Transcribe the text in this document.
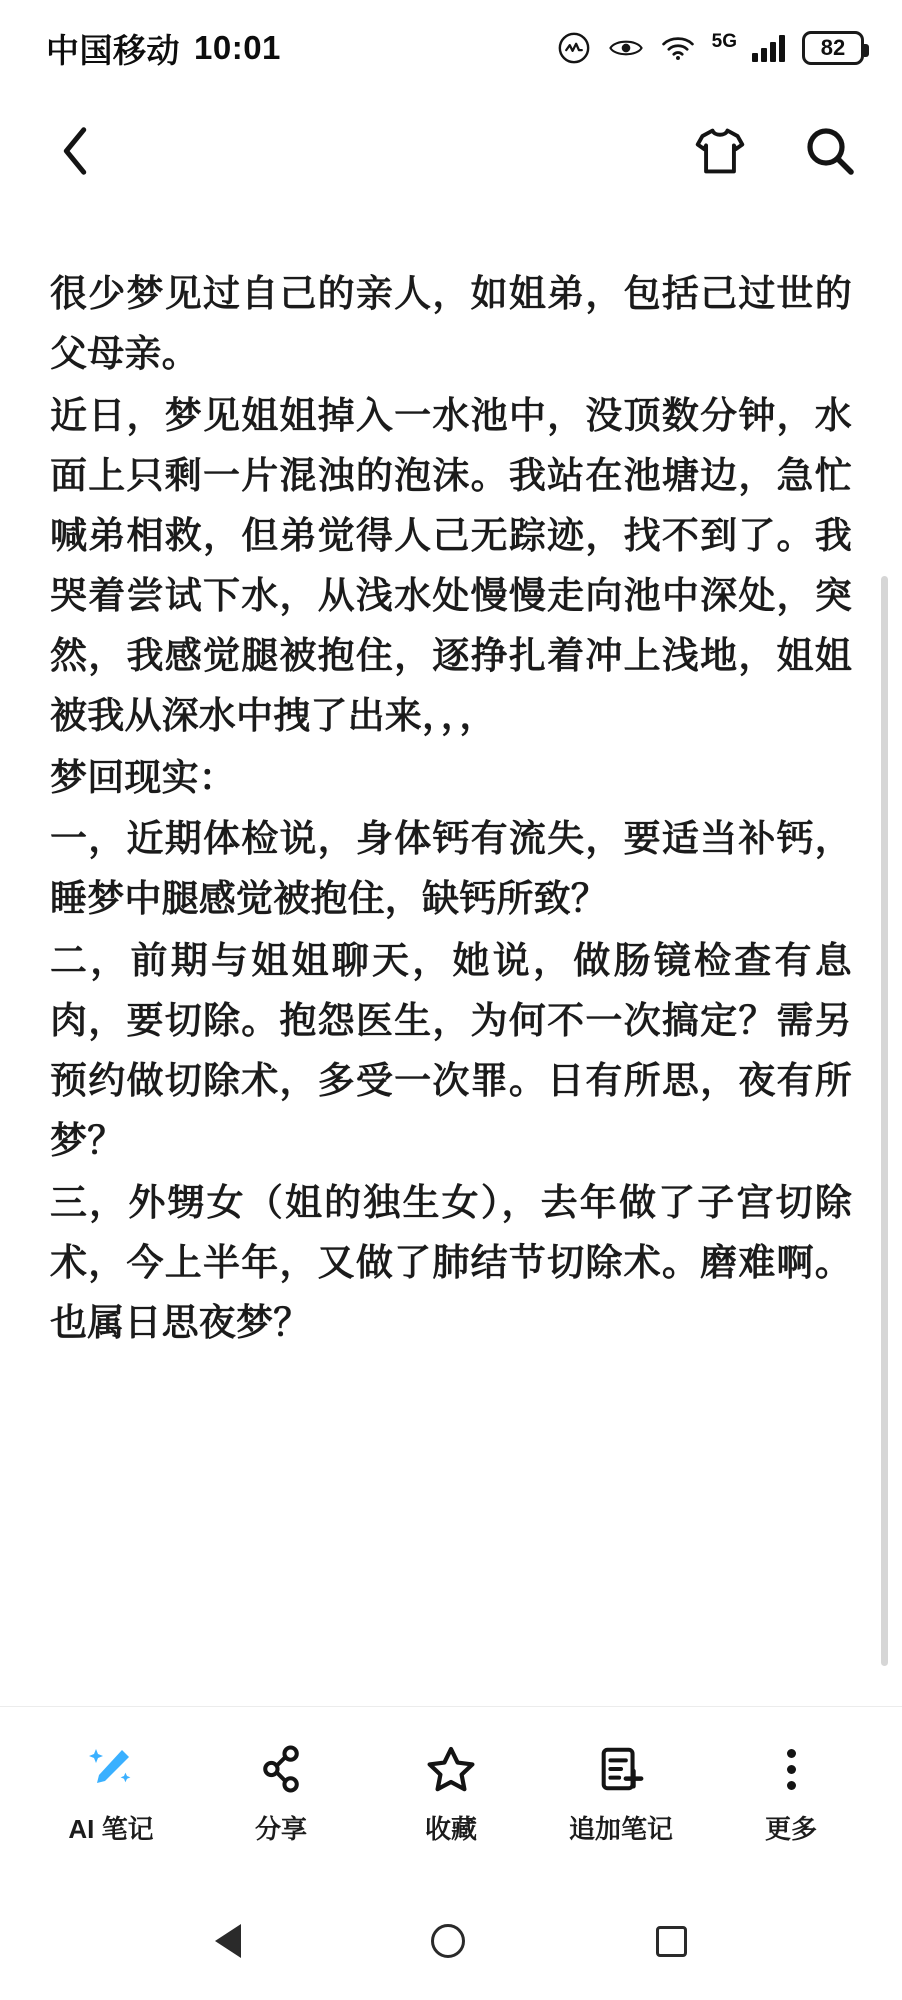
中国移动 10:01	5G	82

很少梦见过自己的亲人，如姐弟，包括己过世的父母亲。

近日，梦见姐姐掉入一水池中，没顶数分钟，水面上只剩一片混浊的泡沫。我站在池塘边，急忙喊弟相救，但弟觉得人己无踪迹，找不到了。我哭着尝试下水，从浅水处慢慢走向池中深处，突然，我感觉腿被抱住，逐挣扎着冲上浅地，姐姐被我从深水中拽了出来，，，

梦回现实：

一，近期体检说，身体钙有流失，要适当补钙，睡梦中腿感觉被抱住，缺钙所致？

二，前期与姐姐聊天，她说，做肠镜检查有息肉，要切除。抱怨医生，为何不一次搞定？需另预约做切除术，多受一次罪。日有所思，夜有所梦？

三，外甥女（姐的独生女），去年做了子宫切除术，今上半年，又做了肺结节切除术。磨难啊。也属日思夜梦？

AI 笔记	分享	收藏	追加笔记	更多
